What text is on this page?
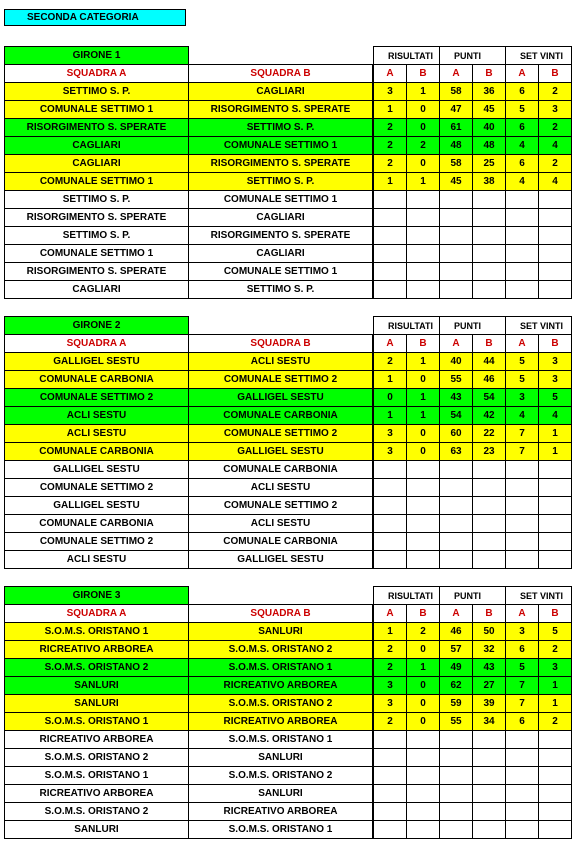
SECONDA CATEGORIA
GIRONE 1			RISULTATI		PUNTI		SET VINTI	
SQUADRA A	SQUADRA B		A	B	A	B	A	B
SETTIMO S. P.	CAGLIARI		3	1	58	36	6	2
COMUNALE SETTIMO 1	RISORGIMENTO S. SPERATE		1	0	47	45	5	3
RISORGIMENTO S. SPERATE	SETTIMO S. P.		2	0	61	40	6	2
CAGLIARI	COMUNALE SETTIMO 1		2	2	48	48	4	4
CAGLIARI	RISORGIMENTO S. SPERATE		2	0	58	25	6	2
COMUNALE SETTIMO 1	SETTIMO S. P.		1	1	45	38	4	4
SETTIMO S. P.	COMUNALE SETTIMO 1							
RISORGIMENTO S. SPERATE	CAGLIARI							
SETTIMO S. P.	RISORGIMENTO S. SPERATE							
COMUNALE SETTIMO 1	CAGLIARI							
RISORGIMENTO S. SPERATE	COMUNALE SETTIMO 1							
CAGLIARI	SETTIMO S. P.							
GIRONE 2			RISULTATI		PUNTI		SET VINTI	
SQUADRA A	SQUADRA B		A	B	A	B	A	B
GALLIGEL SESTU	ACLI SESTU		2	1	40	44	5	3
COMUNALE CARBONIA	COMUNALE SETTIMO 2		1	0	55	46	5	3
COMUNALE SETTIMO 2	GALLIGEL SESTU		0	1	43	54	3	5
ACLI SESTU	COMUNALE CARBONIA		1	1	54	42	4	4
ACLI SESTU	COMUNALE SETTIMO 2		3	0	60	22	7	1
COMUNALE CARBONIA	GALLIGEL SESTU		3	0	63	23	7	1
GALLIGEL SESTU	COMUNALE CARBONIA							
COMUNALE SETTIMO 2	ACLI SESTU							
GALLIGEL SESTU	COMUNALE SETTIMO 2							
COMUNALE CARBONIA	ACLI SESTU							
COMUNALE SETTIMO 2	COMUNALE CARBONIA							
ACLI SESTU	GALLIGEL SESTU							
GIRONE 3			RISULTATI		PUNTI		SET VINTI	
SQUADRA A	SQUADRA B		A	B	A	B	A	B
S.O.M.S. ORISTANO 1	SANLURI		1	2	46	50	3	5
RICREATIVO ARBOREA	S.O.M.S. ORISTANO 2		2	0	57	32	6	2
S.O.M.S. ORISTANO 2	S.O.M.S. ORISTANO 1		2	1	49	43	5	3
SANLURI	RICREATIVO ARBOREA		3	0	62	27	7	1
SANLURI	S.O.M.S. ORISTANO 2		3	0	59	39	7	1
S.O.M.S. ORISTANO 1	RICREATIVO ARBOREA		2	0	55	34	6	2
RICREATIVO ARBOREA	S.O.M.S. ORISTANO 1							
S.O.M.S. ORISTANO 2	SANLURI							
S.O.M.S. ORISTANO 1	S.O.M.S. ORISTANO 2							
RICREATIVO ARBOREA	SANLURI							
S.O.M.S. ORISTANO 2	RICREATIVO ARBOREA							
SANLURI	S.O.M.S. ORISTANO 1							
